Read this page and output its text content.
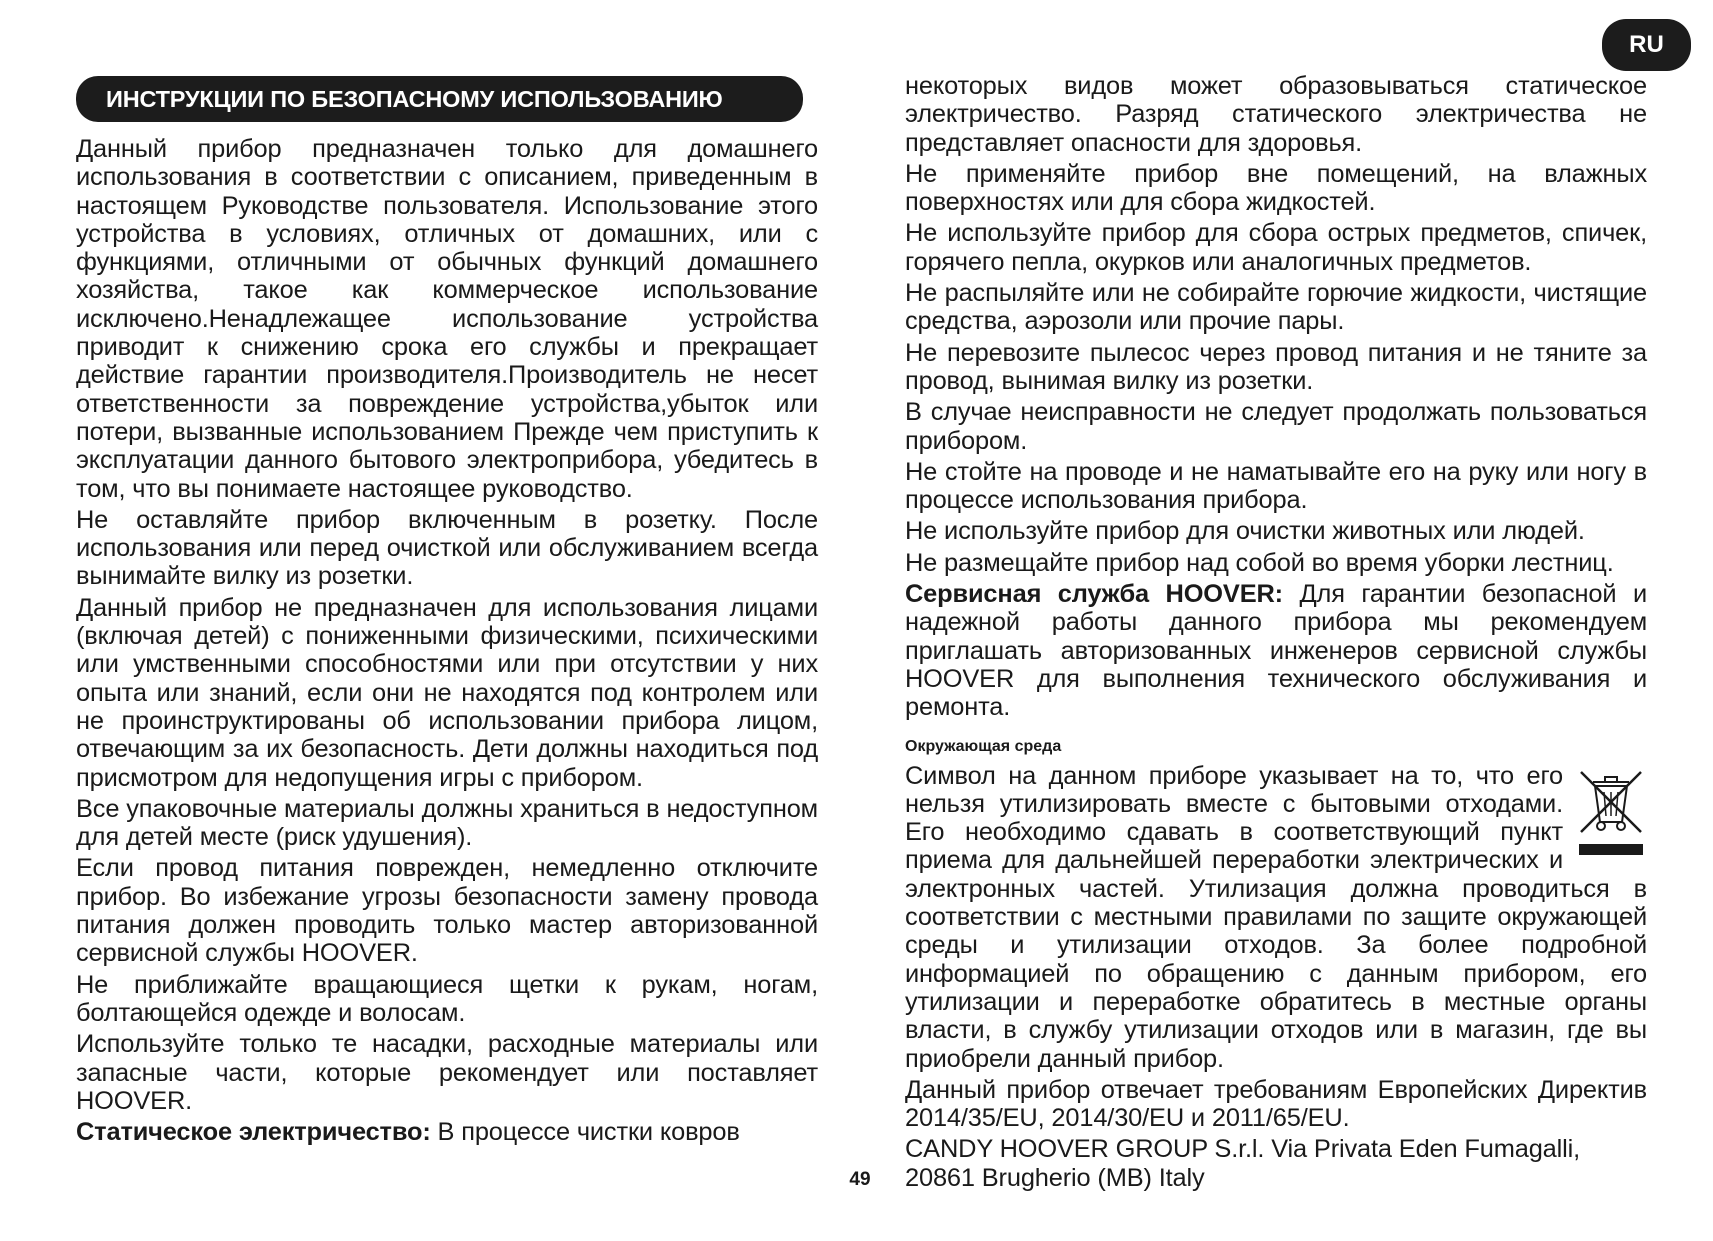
RU
ИНСТРУКЦИИ ПО БЕЗОПАСНОМУ ИСПОЛЬЗОВАНИЮ

Данный прибор предназначен только для домашнего использования в соответствии с описанием, приведенным в настоящем Руководстве пользователя. Использование этого устройства в условиях, отличных от домашних, или с функциями, отличными от обычных функций домашнего хозяйства, такое как коммерческое использование исключено.Ненадлежащее использование устройства приводит к снижению срока его службы и прекращает действие гарантии производителя.Производитель не несет ответственности за повреждение устройства,убыток или потери, вызванные использованием Прежде чем приступить к эксплуатации данного бытового электроприбора, убедитесь в том, что вы понимаете настоящее руководство.

Не оставляйте прибор включенным в розетку. После использования или перед очисткой или обслуживанием всегда вынимайте вилку из розетки.

Данный прибор не предназначен для использования лицами (включая детей) с пониженными физическими, психическими или умственными способностями или при отсутствии у них опыта или знаний, если они не находятся под контролем или не проинструктированы об использовании прибора лицом, отвечающим за их безопасность. Дети должны находиться под присмотром для недопущения игры с прибором.

Все упаковочные материалы должны храниться в недоступном для детей месте (риск удушения).

Если провод питания поврежден, немедленно отключите прибор. Во избежание угрозы безопасности замену провода питания должен проводить только мастер авторизованной сервисной службы HOOVER.

Не приближайте вращающиеся щетки к рукам, ногам, болтающейся одежде и волосам.

Используйте только те насадки, расходные материалы или запасные части, которые рекомендует или поставляет HOOVER.

Статическое электричество: В процессе чистки ковров

некоторых видов может образовываться статическое электричество. Разряд статического электричества не представляет опасности для здоровья.

Не применяйте прибор вне помещений, на влажных поверхностях или для сбора жидкостей.

Не используйте прибор для сбора острых предметов, спичек, горячего пепла, окурков или аналогичных предметов.

Не распыляйте или не собирайте горючие жидкости, чистящие средства, аэрозоли или прочие пары.

Не перевозите пылесос через провод питания и не тяните за провод, вынимая вилку из розетки.

В случае неисправности не следует продолжать пользоваться прибором.

Не стойте на проводе и не наматывайте его на руку или ногу в процессе использования прибора.

Не используйте прибор для очистки животных или людей.

Не размещайте прибор над собой во время уборки лестниц.

Сервисная служба HOOVER: Для гарантии безопасной и надежной работы данного прибора мы рекомендуем приглашать авторизованных инженеров сервисной службы HOOVER для выполнения технического обслуживания и ремонта.

Окружающая среда

Символ на данном приборе указывает на то, что его нельзя утилизировать вместе с бытовыми отходами. Его необходимо сдавать в соответствующий пункт приема для дальнейшей переработки электрических и электронных частей. Утилизация должна проводиться в соответствии с местными правилами по защите окружающей среды и утилизации отходов. За более подробной информацией по обращению с данным прибором, его утилизации и переработке обратитесь в местные органы власти, в службу утилизации отходов или в магазин, где вы приобрели данный прибор.

Данный прибор отвечает требованиям Европейских Директив 2014/35/EU, 2014/30/EU и 2011/65/EU.

CANDY HOOVER GROUP S.r.l. Via Privata Eden Fumagalli, 20861 Brugherio (MB) Italy

49
